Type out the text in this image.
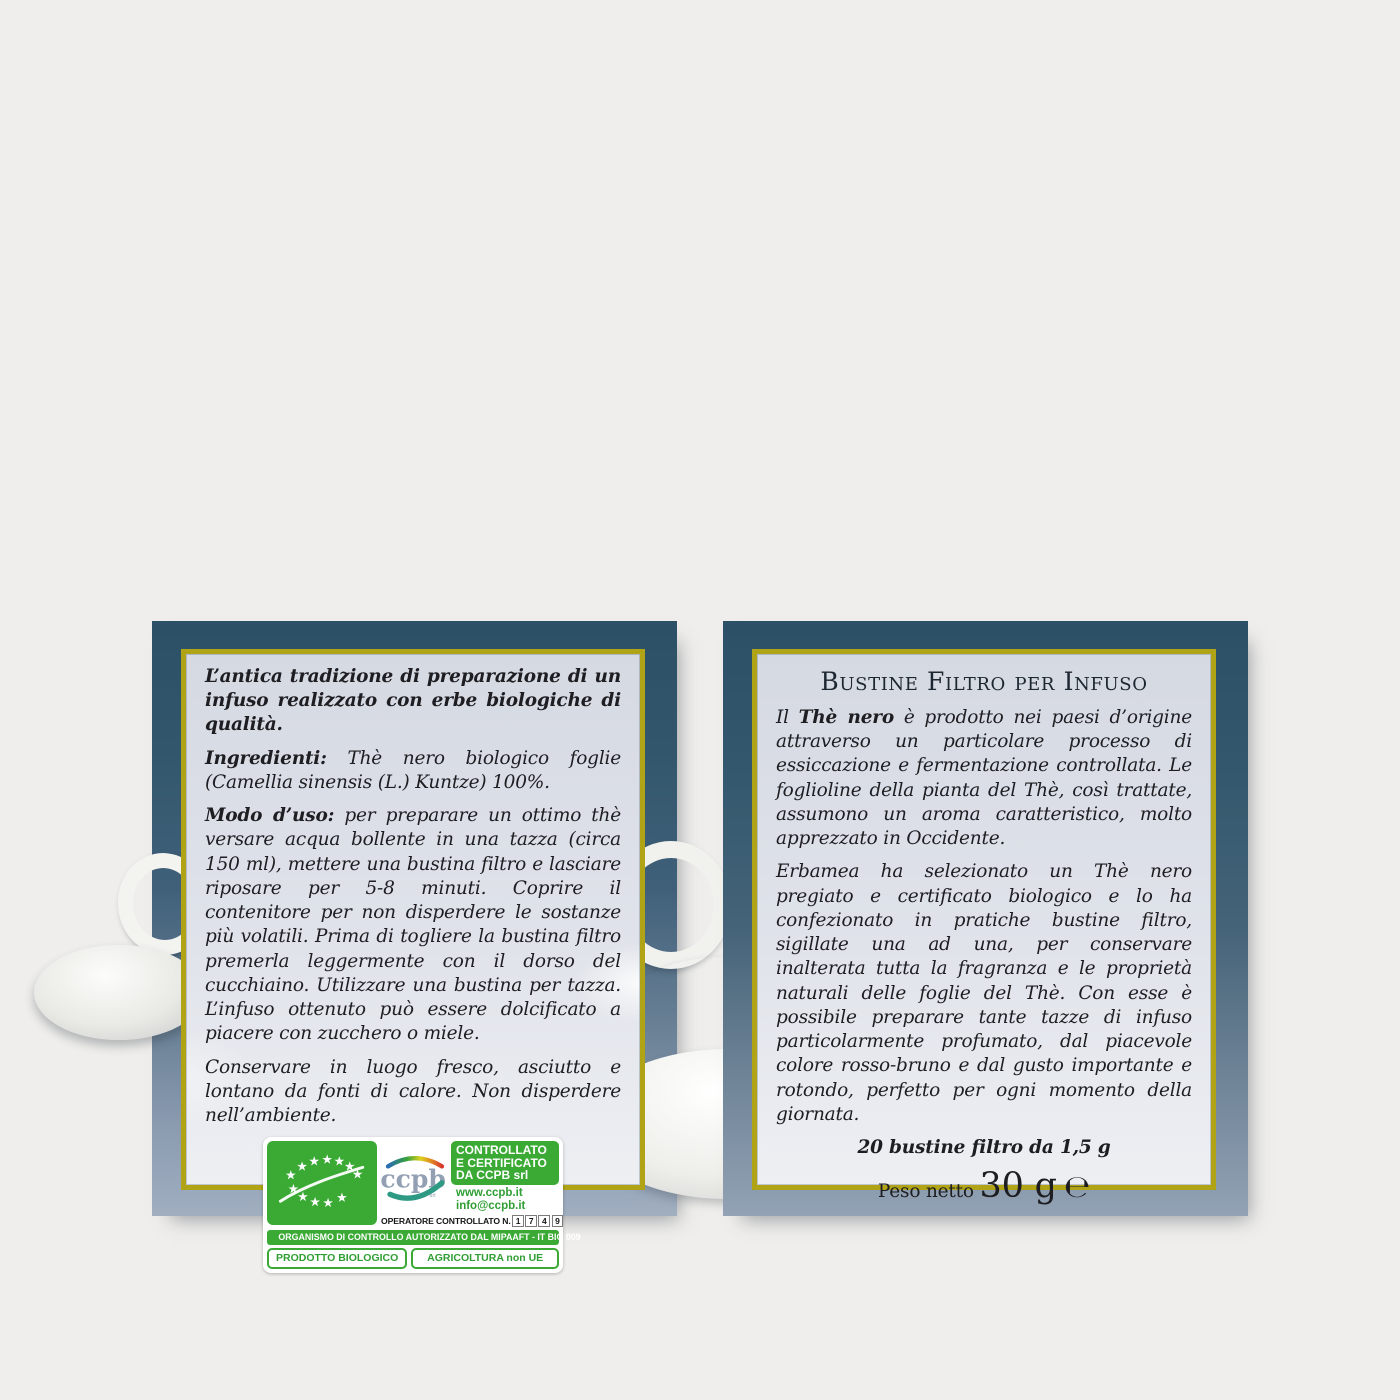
L’antica tradizione di preparazione di un infuso realizzato con erbe biologiche di qualità.

Ingredienti: Thè nero biologico foglie (Camellia sinensis (L.) Kuntze) 100%.

Modo d’uso: per preparare un ottimo thè versare acqua bollente in una tazza (circa 150 ml), mettere una bustina filtro e lasciare riposare per 5-8 minuti. Coprire il contenitore per non disperdere le sostanze più volatili. Prima di togliere la bustina filtro premerla leggermente con il dorso del cucchiaino. Utilizzare una bustina per tazza. L’infuso ottenuto può essere dolcificato a piacere con zucchero o miele.

Conservare in luogo fresco, asciutto e lontano da fonti di calore. Non disperdere nell’ambiente.

ccpb
srl
CONTROLLATO
E CERTIFICATO
DA CCPB srl
www.ccpb.it
info@ccpb.it
OPERATORE CONTROLLATO N. 1	7	4	9
ORGANISMO DI CONTROLLO AUTORIZZATO DAL MIPAAFT - IT BIO 009
PRODOTTO BIOLOGICO	AGRICOLTURA non UE
Bustine Filtro per Infuso

Il Thè nero è prodotto nei paesi d’origine attraverso un particolare processo di essiccazione e fermentazione controllata. Le foglioline della pianta del Thè, così trattate, assumono un aroma caratteristico, molto apprezzato in Occidente.

Erbamea ha selezionato un Thè nero pregiato e certificato biologico e lo ha confezionato in pratiche bustine filtro, sigillate una ad una, per conservare inalterata tutta la fragranza e le proprietà naturali delle foglie del Thè. Con esse è possibile preparare tante tazze di infuso particolarmente profumato, dal piacevole colore rosso-bruno e dal gusto importante e rotondo, perfetto per ogni momento della giornata.

20 bustine filtro da 1,5 g

Peso netto 30 g ℮
